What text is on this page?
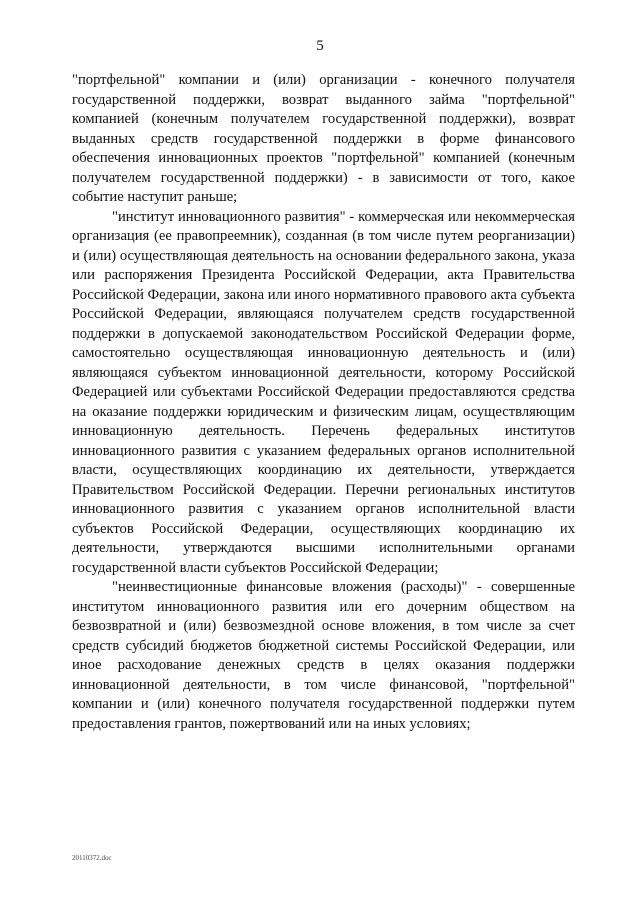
5

"портфельной" компании и (или) организации - конечного получателя государственной поддержки, возврат выданного займа "портфельной" компанией (конечным получателем государственной поддержки), возврат выданных средств государственной поддержки в форме финансового обеспечения инновационных проектов "портфельной" компанией (конечным получателем государственной поддержки) - в зависимости от того, какое событие наступит раньше;

"институт инновационного развития" - коммерческая или некоммерческая организация (ее правопреемник), созданная (в том числе путем реорганизации) и (или) осуществляющая деятельность на основании федерального закона, указа или распоряжения Президента Российской Федерации, акта Правительства Российской Федерации, закона или иного нормативного правового акта субъекта Российской Федерации, являющаяся получателем средств государственной поддержки в допускаемой законодательством Российской Федерации форме, самостоятельно осуществляющая инновационную деятельность и (или) являющаяся субъектом инновационной деятельности, которому Российской Федерацией или субъектами Российской Федерации предоставляются средства на оказание поддержки юридическим и физическим лицам, осуществляющим инновационную деятельность. Перечень федеральных институтов инновационного развития с указанием федеральных органов исполнительной власти, осуществляющих координацию их деятельности, утверждается Правительством Российской Федерации. Перечни региональных институтов инновационного развития с указанием органов исполнительной власти субъектов Российской Федерации, осуществляющих координацию их деятельности, утверждаются высшими исполнительными органами государственной власти субъектов Российской Федерации;

"неинвестиционные финансовые вложения (расходы)" - совершенные институтом инновационного развития или его дочерним обществом на безвозвратной и (или) безвозмездной основе вложения, в том числе за счет средств субсидий бюджетов бюджетной системы Российской Федерации, или иное расходование денежных средств в целях оказания поддержки инновационной деятельности, в том числе финансовой, "портфельной" компании и (или) конечного получателя государственной поддержки путем предоставления грантов, пожертвований или на иных условиях;

20110372.doc
